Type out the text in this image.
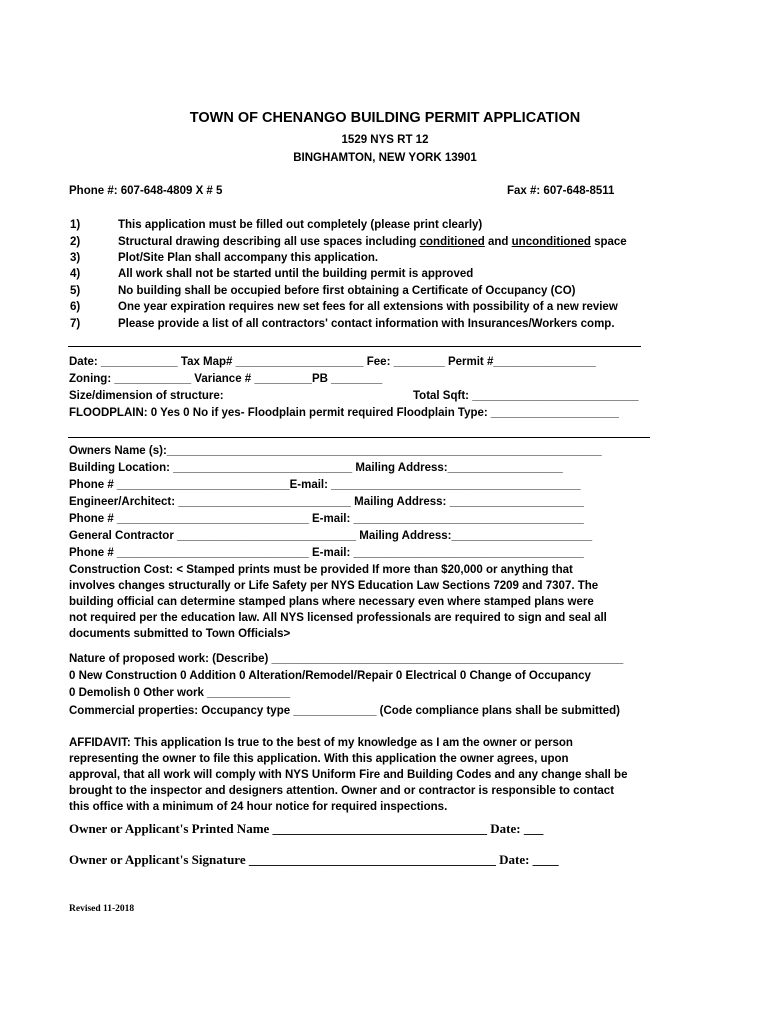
TOWN OF CHENANGO BUILDING PERMIT APPLICATION
1529 NYS RT 12
BINGHAMTON, NEW YORK 13901
Phone #: 607-648-4809 X # 5	Fax #: 607-648-8511
1)	This application must be filled out completely (please print clearly)
2)	Structural drawing describing all use spaces including conditioned and unconditioned space
3)	Plot/Site Plan shall accompany this application.
4)	All work shall not be started until the building permit is approved
5)	No building shall be occupied before first obtaining a Certificate of Occupancy (CO)
6)	One year expiration requires new set fees for all extensions with possibility of a new review
7)	Please provide a list of all contractors' contact information with Insurances/Workers comp.
Date: ____________ Tax Map# ____________________ Fee: ________ Permit #________________
Zoning: ____________ Variance # _________PB ________
Size/dimension of structure:	Total Sqft: __________________________
FLOODPLAIN: 0 Yes 0 No if yes- Floodplain permit required Floodplain Type: ____________________
Owners Name (s):____________________________________________________________________
Building Location: ____________________________ Mailing Address:__________________
Phone # ___________________________E-mail: _______________________________________
Engineer/Architect: ___________________________ Mailing Address: _____________________
Phone # ______________________________ E-mail: ____________________________________
General Contractor ____________________________ Mailing Address:______________________
Phone # ______________________________ E-mail: ____________________________________
Construction Cost: < Stamped prints must be provided If more than $20,000 or anything that
involves changes structurally or Life Safety per NYS Education Law Sections 7209 and 7307. The
building official can determine stamped plans where necessary even where stamped plans were
not required per the education law. All NYS licensed professionals are required to sign and seal all
documents submitted to Town Officials>
Nature of proposed work: (Describe) _______________________________________________________
0 New Construction 0 Addition 0 Alteration/Remodel/Repair 0 Electrical 0 Change of Occupancy
0 Demolish 0 Other work _____________
Commercial properties: Occupancy type _____________ (Code compliance plans shall be submitted)
AFFIDAVIT: This application Is true to the best of my knowledge as I am the owner or person
representing the owner to file this application. With this application the owner agrees, upon
approval, that all work will comply with NYS Uniform Fire and Building Codes and any change shall be
brought to the inspector and designers attention. Owner and or contractor is responsible to contact
this office with a minimum of 24 hour notice for required inspections.
Owner or Applicant's Printed Name _________________________________ Date: ___
Owner or Applicant's Signature ______________________________________ Date: ____
Revised 11-2018
